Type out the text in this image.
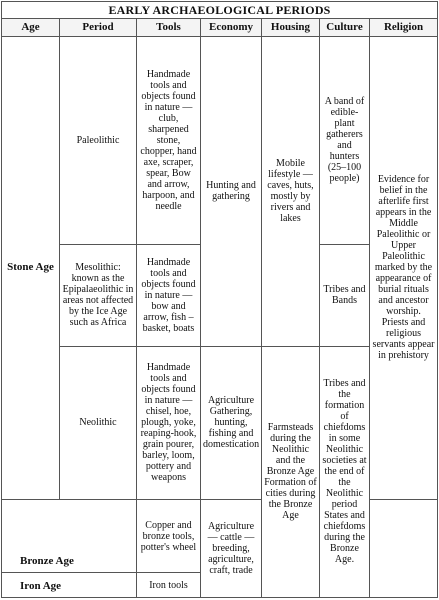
EARLY ARCHAEOLOGICAL PERIODS						
Age	Period	Tools	Economy	Housing	Culture	Religion
Stone Age	Paleolithic	Handmade tools and objects found in nature — club, sharpened stone, chopper, hand axe, scraper, spear, Bow and arrow, harpoon, and needle	Hunting and gathering	Mobile lifestyle — caves, huts, mostly by rivers and lakes	A band of edible-plant gatherers and hunters (25–100 people)	Evidence for belief in the afterlife first appears in the Middle Paleolithic or Upper Paleolithic marked by the appearance of burial rituals and ancestor worship. Priests and religious servants appear in prehistory
	Mesolithic: known as the Epipalaeolithic in areas not affected by the Ice Age such as Africa	Handmade tools and objects found in nature — bow and arrow, fish – basket, boats			Tribes and Bands	
	Neolithic	Handmade tools and objects found in nature — chisel, hoe, plough, yoke, reaping-hook, grain pourer, barley, loom, pottery and weapons	Agriculture Gathering, hunting, fishing and domestication	Farmsteads during the Neolithic and the Bronze Age Formation of cities during the Bronze Age	Tribes and the formation of chiefdoms in some Neolithic societies at the end of the Neolithic period States and chiefdoms during the Bronze Age.	
Bronze Age		Copper and bronze tools, potter's wheel	Agriculture — cattle — breeding, agriculture, craft, trade			
Iron Age		Iron tools				
